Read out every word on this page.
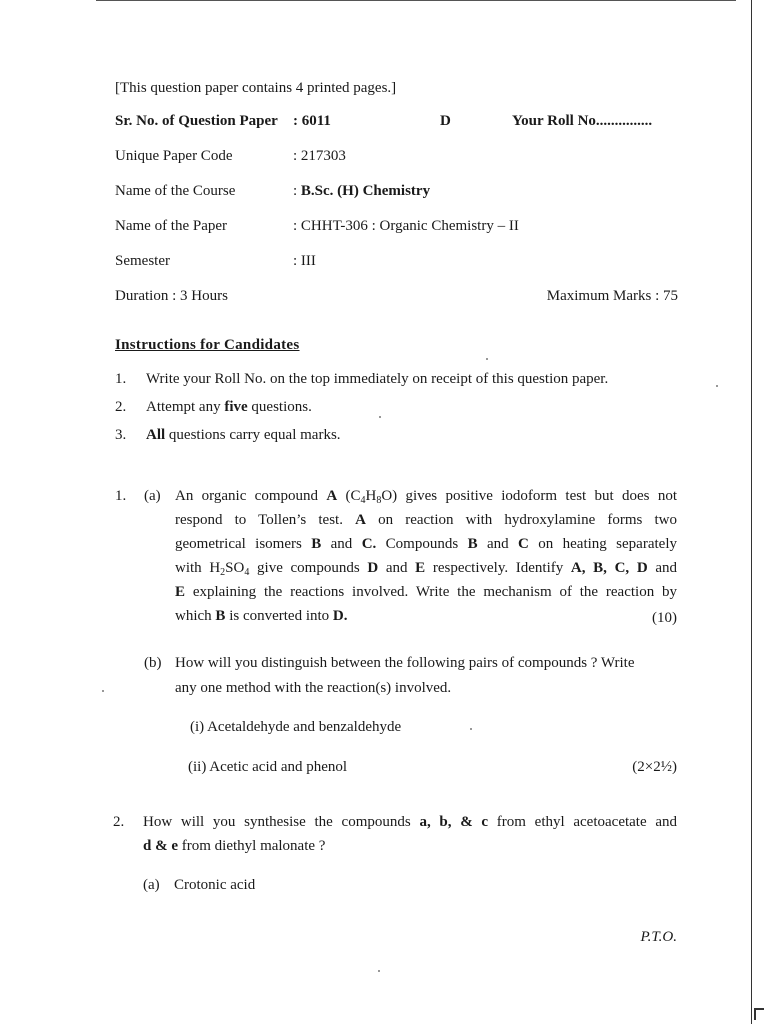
[This question paper contains 4 printed pages.]
Sr. No. of Question Paper : 6011	D	Your Roll No...............
Unique Paper Code	: 217303
Name of the Course	: B.Sc. (H) Chemistry
Name of the Paper	: CHHT-306 : Organic Chemistry – II
Semester	: III
Duration : 3 Hours	Maximum Marks : 75
Instructions for Candidates
1. Write your Roll No. on the top immediately on receipt of this question paper.
2. Attempt any five questions.
3. All questions carry equal marks.
1. (a) An organic compound A $(C_4H_8O)$ gives positive iodoform test but does not
respond to Tollen’s test. A on reaction with hydroxylamine forms two
geometrical isomers B and C. Compounds B and C on heating separately
with $H_2SO_4$ give compounds D and E respectively. Identify A, B, C, D and
E explaining the reactions involved. Write the mechanism of the reaction by
which B is converted into D.	(10)
(b) How will you distinguish between the following pairs of compounds ? Write
any one method with the reaction(s) involved.
(i) Acetaldehyde and benzaldehyde
(ii) Acetic acid and phenol	(2×2½)
2. How will you synthesise the compounds a, b, & c from ethyl acetoacetate and
d & e from diethyl malonate ?
(a) Crotonic acid
P.T.O.
